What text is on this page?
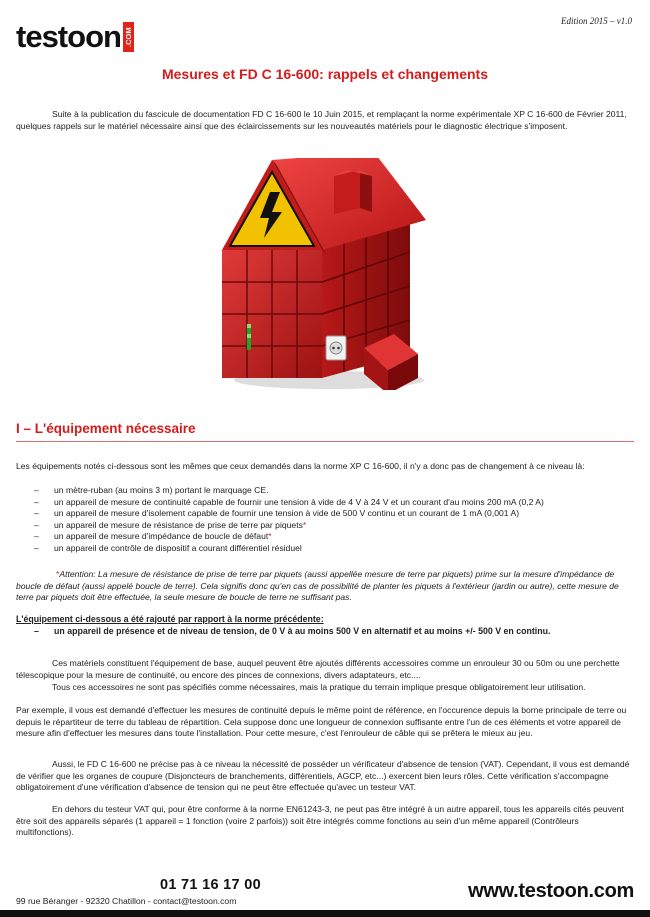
testoon .COM
Edition 2015 – v1.0
Mesures et FD C 16-600: rappels et changements

Suite à la publication du fascicule de documentation FD C 16-600 le 10 Juin 2015, et remplaçant la norme expérimentale XP C 16-600 de Février 2011, quelques rappels sur le matériel nécessaire ainsi que des éclaircissements sur les nouveautés matériels pour le diagnostic électrique s'imposent.

I – L'équipement nécessaire

Les équipements notés ci-dessous sont les mêmes que ceux demandés dans la norme XP C 16-600, il n'y a donc pas de changement à ce niveau là:

– un mètre-ruban (au moins 3 m) portant le marquage CE.
– un appareil de mesure de continuité capable de fournir une tension à vide de 4 V à 24 V et un courant d'au moins 200 mA (0,2 A)
– un appareil de mesure d'isolement capable de fournir une tension à vide de 500 V continu et un courant de 1 mA (0,001 A)
– un appareil de mesure de résistance de prise de terre par piquets*
– un appareil de mesure d'impédance de boucle de défaut*
– un appareil de contrôle de dispositif a courant différentiel résiduel

*Attention: La mesure de résistance de prise de terre par piquets (aussi appellée mesure de terre par piquets) prime sur la mesure d'impédance de boucle de défaut (aussi appelé boucle de terre). Cela signifis donc qu'en cas de possibilité de planter les piquets à l'extérieur (jardin ou autre), cette mesure de terre par piquets doit être effectuée, la seule mesure de boucle de terre ne suffisant pas.

L'équipement ci-dessous a été rajouté par rapport à la norme précédente:

– un appareil de présence et de niveau de tension, de 0 V à au moins 500 V en alternatif et au moins +/- 500 V en continu.

Ces matériels constituent l'équipement de base, auquel peuvent être ajoutés différents accessoires comme un enrouleur 30 ou 50m ou une perchette télescopique pour la mesure de continuité, ou encore des pinces de connexions, divers adaptateurs, etc....

Tous ces accessoires ne sont pas spécifiés comme nécessaires, mais la pratique du terrain implique presque obligatoirement leur utilisation.

Par exemple, il vous est demandé d'effectuer les mesures de continuité depuis le même point de référence, en l'occurence depuis la borne principale de terre ou depuis le répartiteur de terre du tableau de répartition. Cela suppose donc une longueur de connexion suffisante entre l'un de ces éléments et votre appareil de mesure afin d'effectuer les mesures dans toute l'installation. Pour cette mesure, c'est l'enrouleur de câble qui se prêtera le mieux au jeu.

Aussi, le FD C 16-600 ne précise pas à ce niveau la nécessité de posséder un vérificateur d'absence de tension (VAT). Cependant, il vous est demandé de vérifier que les organes de coupure (Disjoncteurs de branchements, différentiels, AGCP, etc...) exercent bien leurs rôles. Cette vérification s'accompagne obligatoirement d'une vérification d'absence de tension qui ne peut être effectuée qu'avec un testeur VAT.

En dehors du testeur VAT qui, pour être conforme à la norme EN61243-3, ne peut pas être intégré à un autre appareil, tous les appareils cités peuvent être soit des appareils séparés (1 appareil = 1 fonction (voire 2 parfois)) soit être intégrés comme fonctions au sein d'un même appareil (Contrôleurs multifonctions).

01 71 16 17 00
99 rue Béranger - 92320 Chatillon - contact@testoon.com	www.testoon.com
